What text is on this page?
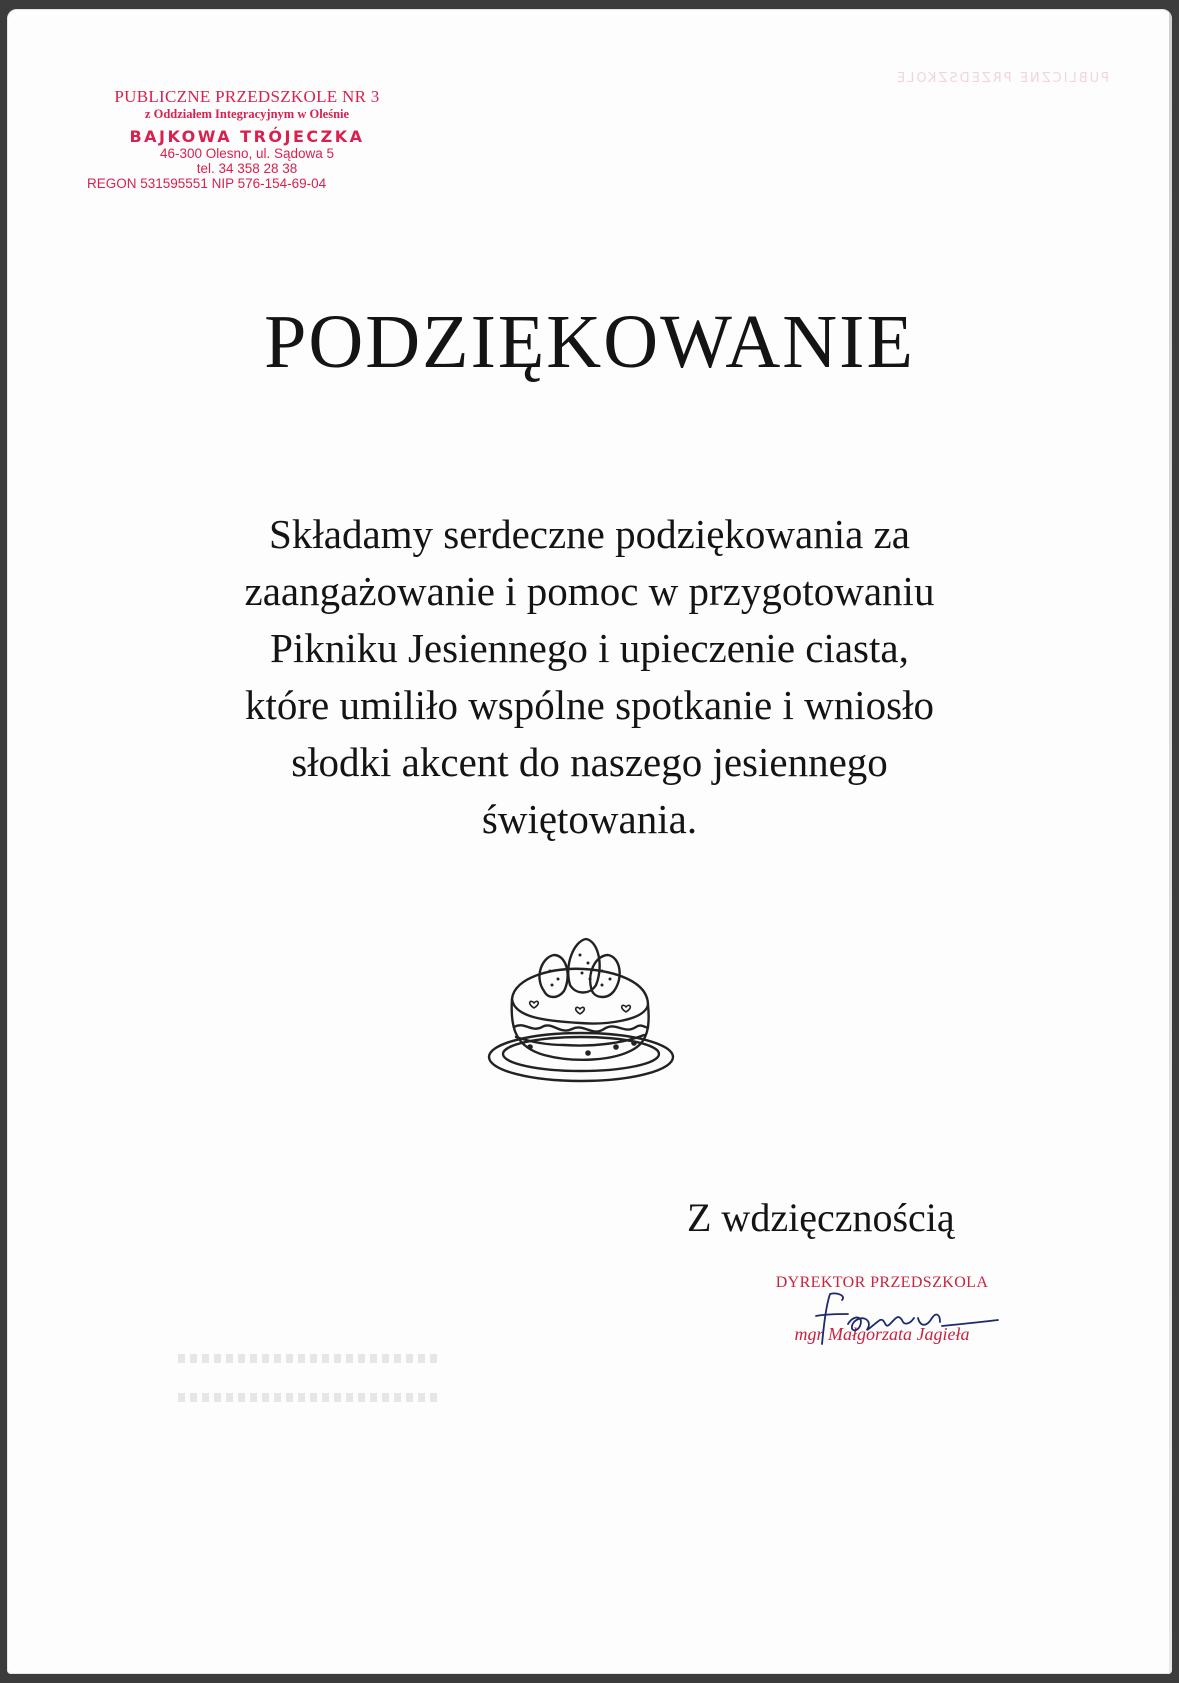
PUBLICZNE PRZEDSZKOLE
PUBLICZNE PRZEDSZKOLE NR 3
z Oddziałem Integracyjnym w Oleśnie
BAJKOWA TRÓJECZKA
46-300 Olesno, ul. Sądowa 5
tel. 34 358 28 38
REGON 531595551 NIP 576-154-69-04
PODZIĘKOWANIE
Składamy serdeczne podziękowania za
zaangażowanie i pomoc w przygotowaniu
Pikniku Jesiennego i upieczenie ciasta,
które umiliło wspólne spotkanie i wniosło
słodki akcent do naszego jesiennego
świętowania.
Z wdzięcznością
DYREKTOR PRZEDSZKOLA
mgr Małgorzata Jagieła
